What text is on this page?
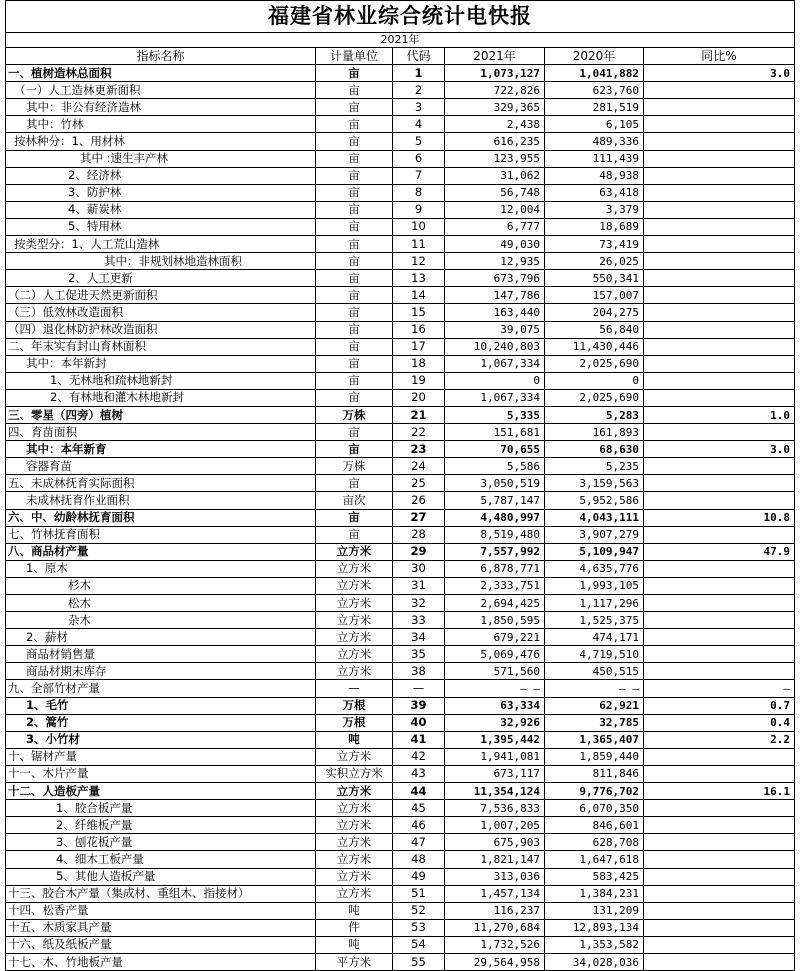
福建省林业综合统计电快报
2021年
指标名称	计量单位	代码	2021年	2020年	同比%
一、植树造林总面积	亩	1	1,073,127	1,041,882	3.0
（一）人工造林更新面积	亩	2	722,826	623,760	
其中：非公有经济造林	亩	3	329,365	281,519	
其中：竹林	亩	4	2,438	6,105	
按林种分：1、用材林	亩	5	616,235	489,336	
其中 :速生丰产林	亩	6	123,955	111,439	
2、经济林	亩	7	31,062	48,938	
3、防护林	亩	8	56,748	63,418	
4、薪炭林	亩	9	12,004	3,379	
5、特用林	亩	10	6,777	18,689	
按类型分：1、人工荒山造林	亩	11	49,030	73,419	
其中：非规划林地造林面积	亩	12	12,935	26,025	
2、人工更新	亩	13	673,796	550,341	
（二）人工促进天然更新面积	亩	14	147,786	157,007	
（三）低效林改造面积	亩	15	163,440	204,275	
（四）退化林防护林改造面积	亩	16	39,075	56,840	
二、年末实有封山育林面积	亩	17	10,240,803	11,430,446	
其中：本年新封	亩	18	1,067,334	2,025,690	
1、无林地和疏林地新封	亩	19	0	0	
2、有林地和灌木林地新封	亩	20	1,067,334	2,025,690	
三、零星（四旁）植树	万株	21	5,335	5,283	1.0
四、育苗面积	亩	22	151,681	161,893	
其中：本年新育	亩	23	70,655	68,630	3.0
容器育苗	万株	24	5,586	5,235	
五、未成林抚育实际面积	亩	25	3,050,519	3,159,563	
未成林抚育作业面积	亩次	26	5,787,147	5,952,586	
六、中、幼龄林抚育面积	亩	27	4,480,997	4,043,111	10.8
七、竹林抚育面积	亩	28	8,519,480	3,907,279	
八、商品材产量	立方米	29	7,557,992	5,109,947	47.9
1、原木	立方米	30	6,878,771	4,635,776	
杉木	立方米	31	2,333,751	1,993,105	
松木	立方米	32	2,694,425	1,117,296	
杂木	立方米	33	1,850,595	1,525,375	
2、薪材	立方米	34	679,221	474,171	
商品材销售量	立方米	35	5,069,476	4,719,510	
商品材期末库存	立方米	38	571,560	450,515	
九、全部竹材产量	—	—	— —	— —	—
1、毛竹	万根	39	63,334	62,921	0.7
2、篙竹	万根	40	32,926	32,785	0.4
3、小竹材	吨	41	1,395,442	1,365,407	2.2
十、锯材产量	立方米	42	1,941,081	1,859,440	
十一、木片产量	实积立方米	43	673,117	811,846	
十二、人造板产量	立方米	44	11,354,124	9,776,702	16.1
1、胶合板产量	立方米	45	7,536,833	6,070,350	
2、纤维板产量	立方米	46	1,007,205	846,601	
3、刨花板产量	立方米	47	675,903	628,708	
4、细木工板产量	立方米	48	1,821,147	1,647,618	
5、其他人造板产量	立方米	49	313,036	583,425	
十三、胶合木产量（集成材、重组木、指接材）	立方米	51	1,457,134	1,384,231	
十四、松香产量	吨	52	116,237	131,209	
十五、木质家具产量	件	53	11,270,684	12,893,134	
十六、纸及纸板产量	吨	54	1,732,526	1,353,582	
十七、木、竹地板产量	平方米	55	29,564,958	34,028,036	
